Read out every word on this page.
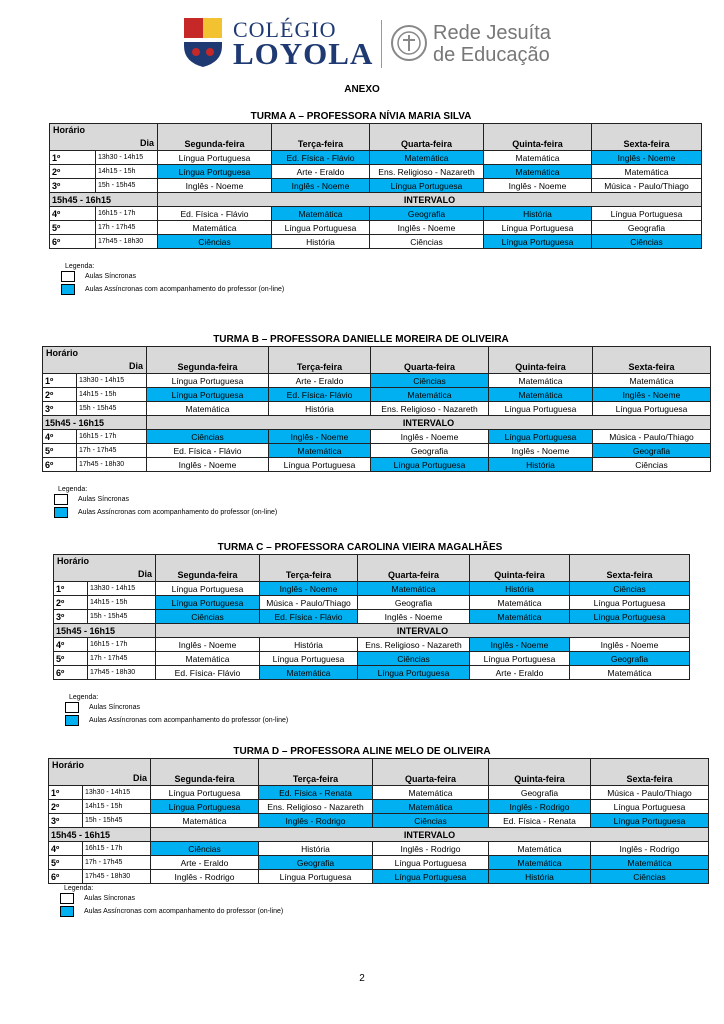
COLÉGIO
LOYOLA
Rede Jesuíta
de Educação
ANEXO
TURMA A – PROFESSORA NÍVIA MARIA SILVA
Horário
Dia		Segunda-feira	Terça-feira	Quarta-feira	Quinta-feira	Sexta-feira
1º	13h30 - 14h15	Língua Portuguesa	Ed. Física - Flávio	Matemática	Matemática	Inglês - Noeme
2º	14h15 - 15h	Língua Portuguesa	Arte - Eraldo	Ens. Religioso - Nazareth	Matemática	Matemática
3º	15h - 15h45	Inglês - Noeme	Inglês - Noeme	Língua Portuguesa	Inglês - Noeme	Música - Paulo/Thiago
15h45 - 16h15		INTERVALO				
4º	16h15 - 17h	Ed. Física - Flávio	Matemática	Geografia	História	Língua Portuguesa
5º	17h - 17h45	Matemática	Língua Portuguesa	Inglês - Noeme	Língua Portuguesa	Geografia
6º	17h45 - 18h30	Ciências	História	Ciências	Língua Portuguesa	Ciências
Legenda:
Aulas Síncronas
Aulas Assíncronas com acompanhamento do professor (on-line)
TURMA B – PROFESSORA DANIELLE MOREIRA DE OLIVEIRA
Horário
Dia		Segunda-feira	Terça-feira	Quarta-feira	Quinta-feira	Sexta-feira
1º	13h30 - 14h15	Língua Portuguesa	Arte - Eraldo	Ciências	Matemática	Matemática
2º	14h15 - 15h	Língua Portuguesa	Ed. Física- Flávio	Matemática	Matemática	Inglês - Noeme
3º	15h - 15h45	Matemática	História	Ens. Religioso - Nazareth	Língua Portuguesa	Língua Portuguesa
15h45 - 16h15		INTERVALO				
4º	16h15 - 17h	Ciências	Inglês - Noeme	Inglês - Noeme	Língua Portuguesa	Música - Paulo/Thiago
5º	17h - 17h45	Ed. Física - Flávio	Matemática	Geografia	Inglês - Noeme	Geografia
6º	17h45 - 18h30	Inglês - Noeme	Língua Portuguesa	Língua Portuguesa	História	Ciências
Legenda:
Aulas Síncronas
Aulas Assíncronas com acompanhamento do professor (on-line)
TURMA C – PROFESSORA CAROLINA VIEIRA MAGALHÃES
Horário
Dia		Segunda-feira	Terça-feira	Quarta-feira	Quinta-feira	Sexta-feira
1º	13h30 - 14h15	Língua Portuguesa	Inglês - Noeme	Matemática	História	Ciências
2º	14h15 - 15h	Língua Portuguesa	Música - Paulo/Thiago	Geografia	Matemática	Língua Portuguesa
3º	15h - 15h45	Ciências	Ed. Física - Flávio	Inglês - Noeme	Matemática	Língua Portuguesa
15h45 - 16h15		INTERVALO				
4º	16h15 - 17h	Inglês - Noeme	História	Ens. Religioso - Nazareth	Inglês - Noeme	Inglês - Noeme
5º	17h - 17h45	Matemática	Língua Portuguesa	Ciências	Língua Portuguesa	Geografia
6º	17h45 - 18h30	Ed. Física- Flávio	Matemática	Língua Portuguesa	Arte - Eraldo	Matemática
Legenda:
Aulas Síncronas
Aulas Assíncronas com acompanhamento do professor (on-line)
TURMA D – PROFESSORA ALINE MELO DE OLIVEIRA
Horário
Dia		Segunda-feira	Terça-feira	Quarta-feira	Quinta-feira	Sexta-feira
1º	13h30 - 14h15	Língua Portuguesa	Ed. Física - Renata	Matemática	Geografia	Música - Paulo/Thiago
2º	14h15 - 15h	Língua Portuguesa	Ens. Religioso - Nazareth	Matemática	Inglês - Rodrigo	Língua Portuguesa
3º	15h - 15h45	Matemática	Inglês - Rodrigo	Ciências	Ed. Física - Renata	Língua Portuguesa
15h45 - 16h15		INTERVALO				
4º	16h15 - 17h	Ciências	História	Inglês - Rodrigo	Matemática	Inglês - Rodrigo
5º	17h - 17h45	Arte - Eraldo	Geografia	Língua Portuguesa	Matemática	Matemática
6º	17h45 - 18h30	Inglês - Rodrigo	Língua Portuguesa	Língua Portuguesa	História	Ciências
Legenda:
Aulas Síncronas
Aulas Assíncronas com acompanhamento do professor (on-line)
2
